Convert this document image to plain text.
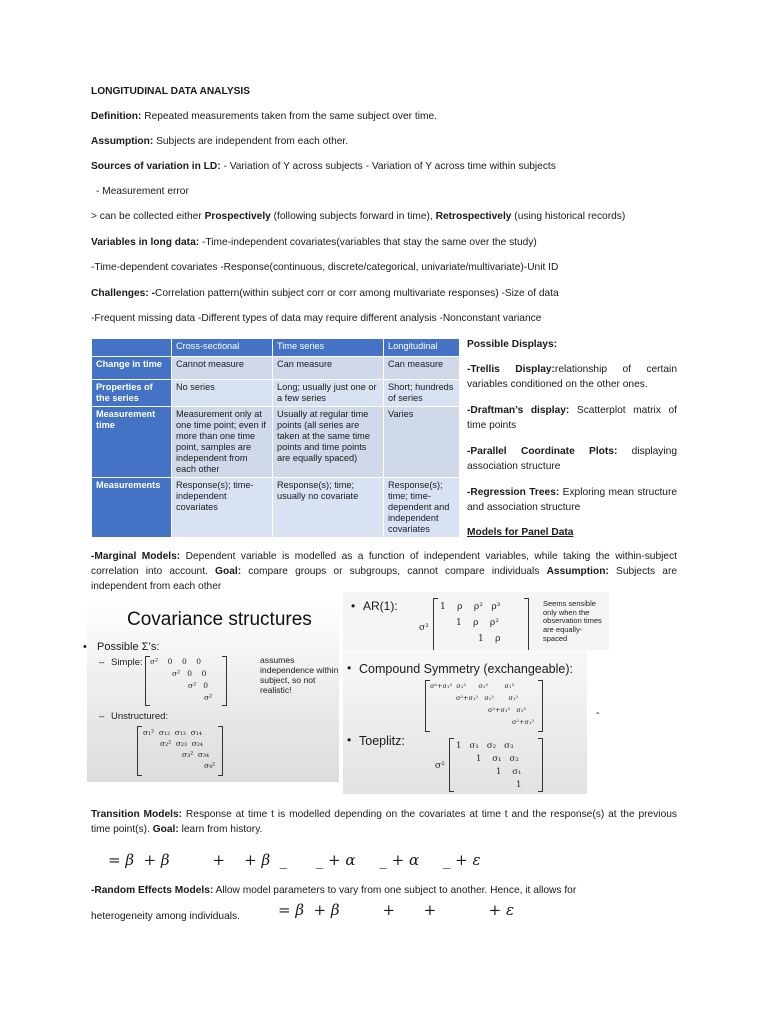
LONGITUDINAL DATA ANALYSIS
Definition: Repeated measurements taken from the same subject over time.
Assumption: Subjects are independent from each other.
Sources of variation in LD: - Variation of Y across subjects - Variation of Y across time within subjects
- Measurement error
> can be collected either Prospectively (following subjects forward in time), Retrospectively (using historical records)
Variables in long data: -Time-independent covariates(variables that stay the same over the study)
-Time-dependent covariates -Response(continuous, discrete/categorical, univariate/multivariate)-Unit ID
Challenges: -Correlation pattern(within subject corr or corr among multivariate responses) -Size of data
-Frequent missing data -Different types of data may require different analysis -Nonconstant variance
	Cross-sectional	Time series	Longitudinal
Change in time	Cannot measure	Can measure	Can measure
Properties of the series	No series	Long; usually just one or a few series	Short; hundreds of series
Measurement time	Measurement only at one time point; even if more than one time point, samples are independent from each other	Usually at regular time points (all series are taken at the same time points and time points are equally spaced)	Varies
Measurements	Response(s); time-independent covariates	Response(s); time; usually no covariate	Response(s); time; time-dependent and independent covariates
Possible Displays:
-Trellis Display:relationship of certain variables conditioned on the other ones.
-Draftman’s display: Scatterplot matrix of time points
-Parallel Coordinate Plots: displaying association structure
-Regression Trees: Exploring mean structure and association structure
Models for Panel Data
-Marginal Models: Dependent variable is modelled as a function of independent variables, while taking the within-subject correlation into account. Goal: compare groups or subgroups, cannot compare individuals Assumption: Subjects are independent from each other
Covariance structures
• Possible Σ’s:
– Simple: σ²    0    0    0
σ²   0    0
σ²   0
σ²
assumes independence within subject, so not realistic!
– Unstructured:
σ₁²  σ₁₂  σ₁₃  σ₁₄
σ₂²  σ₂₃  σ₂₄
σ₃²  σ₃₄
σ₄²
• AR(1):
σ²
1    ρ    ρ²   ρ³
1    ρ    ρ²
1    ρ
Seems sensible only when the observation times are equally-spaced
• Compound Symmetry (exchangeable):
σ²+σ₁²  σ₁²      σ₁²        σ₁²
σ²+σ₁²   σ₁²       σ₁²
σ²+σ₁²   σ₁²
σ²+σ₁²
• Toeplitz:
σ²
1   σ₁   σ₂   σ₃
1    σ₁   σ₂
1    σ₁
1
-
Transition Models: Response at time t is modelled depending on the covariates at time t and the response(s) at the previous time point(s). Goal: learn from history.
= β  + β         +    + β  _      _ + α     _ + α     _ + ε
-Random Effects Models: Allow model parameters to vary from one subject to another. Hence, it allows for
heterogeneity among individuals.	= β  + β         +      +           + ε
